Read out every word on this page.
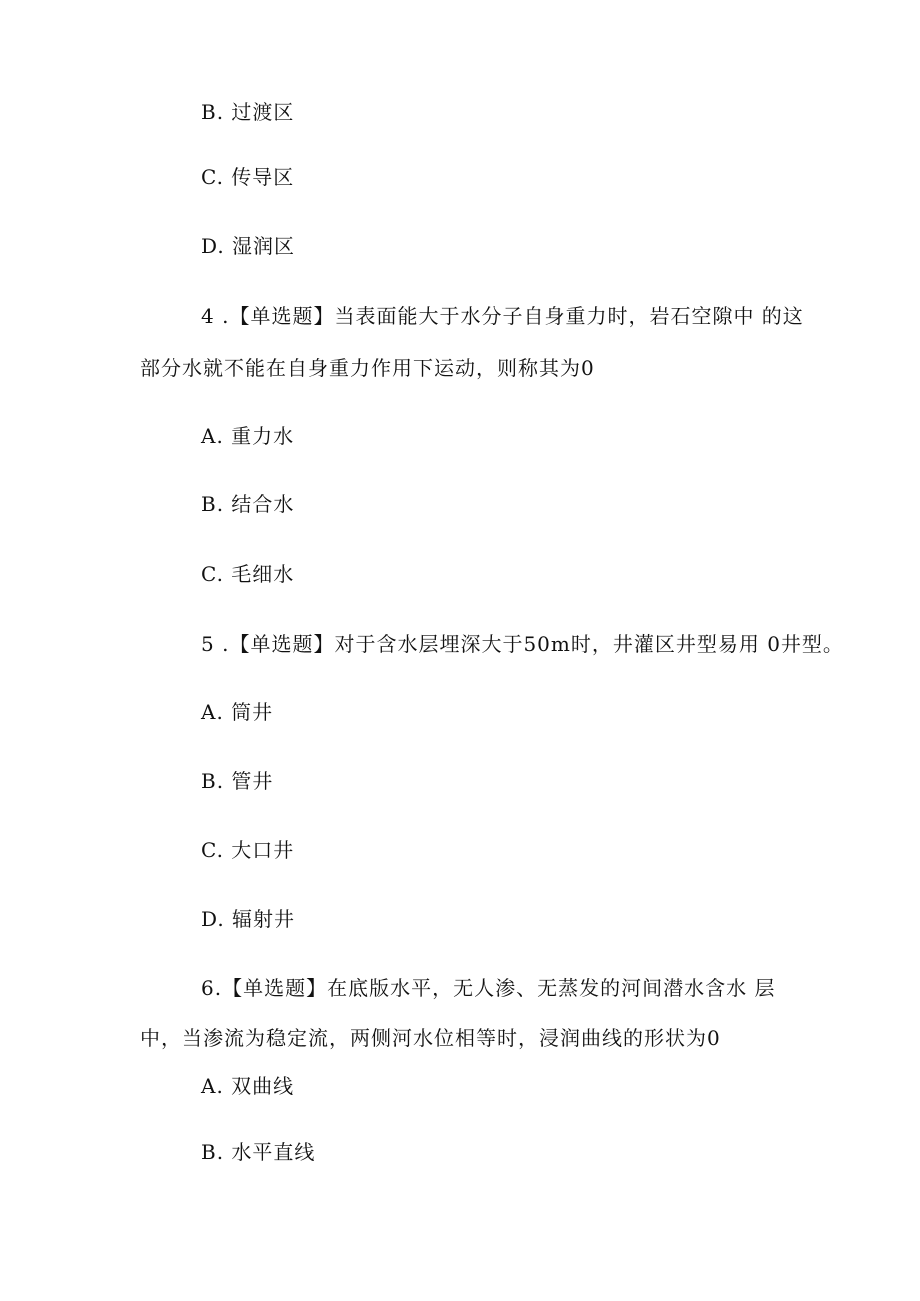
B. 过渡区
C. 传导区
D. 湿润区
4 .【单选题】当表面能大于水分子自身重力时，岩石空隙中 的这
部分水就不能在自身重力作用下运动，则称其为0
A. 重力水
B. 结合水
C. 毛细水
5 .【单选题】对于含水层埋深大于50m时，井灌区井型易用 0井型。
A. 筒井
B. 管井
C. 大口井
D. 辐射井
6.【单选题】在底版水平，无人渗、无蒸发的河间潜水含水 层
中，当渗流为稳定流，两侧河水位相等时，浸润曲线的形状为0
A. 双曲线
B. 水平直线
